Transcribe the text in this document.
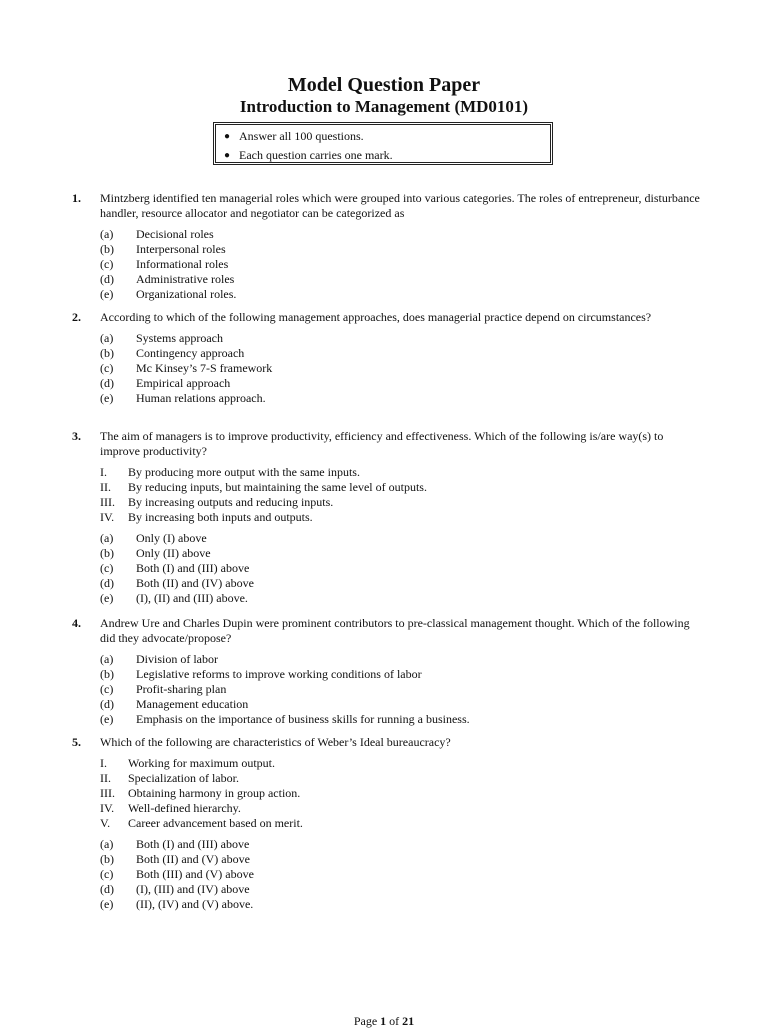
Model Question Paper
Introduction to Management (MD0101)
● Answer all 100 questions.
● Each question carries one mark.
1.	Mintzberg identified ten managerial roles which were grouped into various categories. The roles of entrepreneur, disturbance handler, resource allocator and negotiator can be categorized as
(a) Decisional roles
(b) Interpersonal roles
(c) Informational roles
(d) Administrative roles
(e) Organizational roles.
2.	According to which of the following management approaches, does managerial practice depend on circumstances?
(a) Systems approach
(b) Contingency approach
(c) Mc Kinsey’s 7-S framework
(d) Empirical approach
(e) Human relations approach.
3.	The aim of managers is to improve productivity, efficiency and effectiveness. Which of the following is/are way(s) to improve productivity?
I. By producing more output with the same inputs.
II. By reducing inputs, but maintaining the same level of outputs.
III. By increasing outputs and reducing inputs.
IV. By increasing both inputs and outputs.
(a) Only (I) above
(b) Only (II) above
(c) Both (I) and (III) above
(d) Both (II) and (IV) above
(e) (I), (II) and (III) above.
4.	Andrew Ure and Charles Dupin were prominent contributors to pre-classical management thought. Which of the following did they advocate/propose?
(a) Division of labor
(b) Legislative reforms to improve working conditions of labor
(c) Profit-sharing plan
(d) Management education
(e) Emphasis on the importance of business skills for running a business.
5.	Which of the following are characteristics of Weber’s Ideal bureaucracy?
I. Working for maximum output.
II. Specialization of labor.
III. Obtaining harmony in group action.
IV. Well-defined hierarchy.
V. Career advancement based on merit.
(a) Both (I) and (III) above
(b) Both (II) and (V) above
(c) Both (III) and (V) above
(d) (I), (III) and (IV) above
(e) (II), (IV) and (V) above.
Page 1 of 21
